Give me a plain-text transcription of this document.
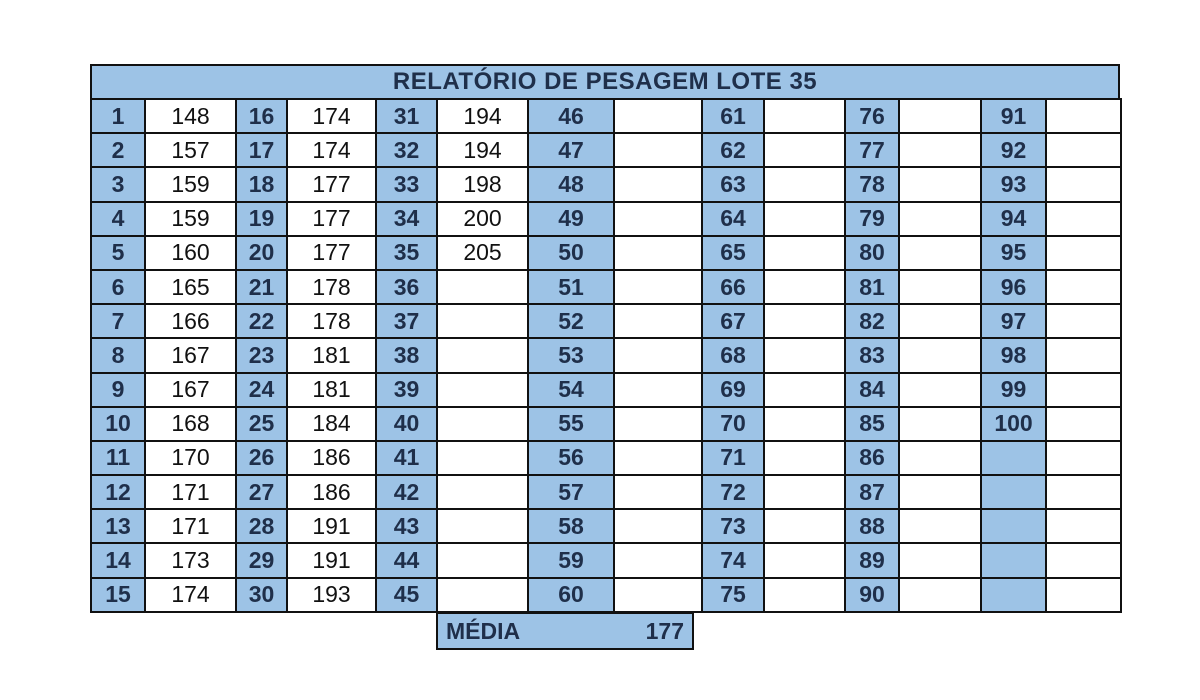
RELATÓRIO DE PESAGEM LOTE 35
1	148	16	174	31	194	46		61		76		91	
2	157	17	174	32	194	47		62		77		92	
3	159	18	177	33	198	48		63		78		93	
4	159	19	177	34	200	49		64		79		94	
5	160	20	177	35	205	50		65		80		95	
6	165	21	178	36		51		66		81		96	
7	166	22	178	37		52		67		82		97	
8	167	23	181	38		53		68		83		98	
9	167	24	181	39		54		69		84		99	
10	168	25	184	40		55		70		85		100	
11	170	26	186	41		56		71		86			
12	171	27	186	42		57		72		87			
13	171	28	191	43		58		73		88			
14	173	29	191	44		59		74		89			
15	174	30	193	45		60		75		90			
MÉDIA	177
